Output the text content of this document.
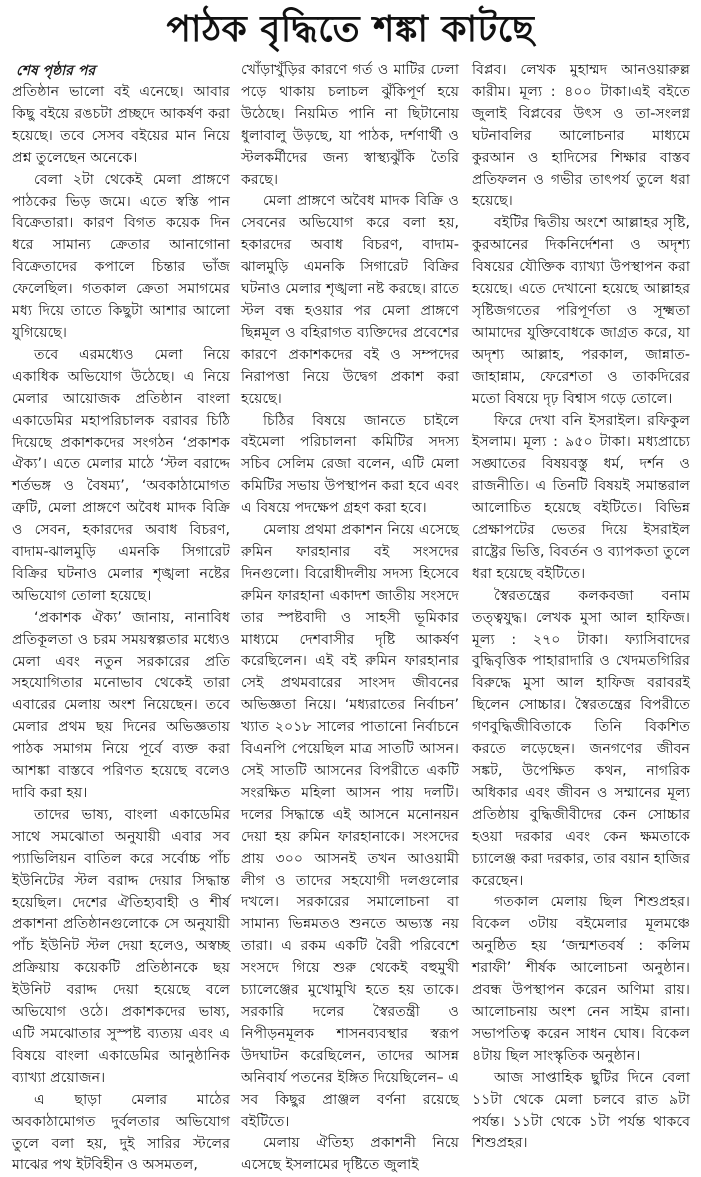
পাঠক বৃদ্ধিতে শঙ্কা কাটছে
শেষ পৃষ্ঠার পর

প্রতিষ্ঠান ভালো বই এনেছে। আবার কিছু বইয়ে রঙচটা প্রচ্ছদে আকর্ষণ করা হয়েছে। তবে সেসব বইয়ের মান নিয়ে প্রশ্ন তুলেছেন অনেকে।

বেলা ২টা থেকেই মেলা প্রাঙ্গণে পাঠকের ভিড় জমে। এতে স্বস্তি পান বিক্রেতারা। কারণ বিগত কয়েক দিন ধরে সামান্য ক্রেতার আনাগোনা বিক্রেতাদের কপালে চিন্তার ভাঁজ ফেলেছিল। গতকাল ক্রেতা সমাগমের মধ্য দিয়ে তাতে কিছুটা আশার আলো যুগিয়েছে।

তবে এরমধ্যেও মেলা নিয়ে একাধিক অভিযোগ উঠেছে। এ নিয়ে মেলার আয়োজক প্রতিষ্ঠান বাংলা একাডেমির মহাপরিচালক বরাবর চিঠি দিয়েছে প্রকাশকদের সংগঠন ‘প্রকাশক ঐক্য’। এতে মেলার মাঠে ‘স্টল বরাদ্দে শর্তভঙ্গ ও বৈষম্য’, ‘অবকাঠামোগত ত্রুটি, মেলা প্রাঙ্গণে অবৈধ মাদক বিক্রি ও সেবন, হকারদের অবাধ বিচরণ, বাদাম-ঝালমুড়ি এমনকি সিগারেট বিক্রির ঘটনাও মেলার শৃঙ্খলা নষ্টের অভিযোগ তোলা হয়েছে।

‘প্রকাশক ঐক্য’ জানায়, নানাবিধ প্রতিকূলতা ও চরম সময়স্বল্পতার মধ্যেও মেলা এবং নতুন সরকারের প্রতি সহযোগিতার মনোভাব থেকেই তারা এবারের মেলায় অংশ নিয়েছেন। তবে মেলার প্রথম ছয় দিনের অভিজ্ঞতায় পাঠক সমাগম নিয়ে পূর্বে ব্যক্ত করা আশঙ্কা বাস্তবে পরিণত হয়েছে বলেও দাবি করা হয়।

তাদের ভাষ্য, বাংলা একাডেমির সাথে সমঝোতা অনুযায়ী এবার সব প্যাভিলিয়ন বাতিল করে সর্বোচ্চ পাঁচ ইউনিটের স্টল বরাদ্দ দেয়ার সিদ্ধান্ত হয়েছিল। দেশের ঐতিহ্যবাহী ও শীর্ষ প্রকাশনা প্রতিষ্ঠানগুলোকে সে অনুযায়ী পাঁচ ইউনিট স্টল দেয়া হলেও, অস্বচ্ছ প্রক্রিয়ায় কয়েকটি প্রতিষ্ঠানকে ছয় ইউনিট বরাদ্দ দেয়া হয়েছে বলে অভিযোগ ওঠে। প্রকাশকদের ভাষ্য, এটি সমঝোতার সুস্পষ্ট ব্যত্যয় এবং এ বিষয়ে বাংলা একাডেমির আনুষ্ঠানিক ব্যাখ্যা প্রয়োজন।

এ ছাড়া মেলার মাঠের অবকাঠামোগত দুর্বলতার অভিযোগ তুলে বলা হয়, দুই সারির স্টলের মাঝের পথ ইটবিহীন ও অসমতল,

খোঁড়াখুঁড়ির কারণে গর্ত ও মাটির ঢেলা পড়ে থাকায় চলাচল ঝুঁকিপূর্ণ হয়ে উঠেছে। নিয়মিত পানি না ছিটানোয় ধুলাবালু উড়ছে, যা পাঠক, দর্শণার্থী ও স্টলকর্মীদের জন্য স্বাস্থ্যঝুঁকি তৈরি করছে।

মেলা প্রাঙ্গণে অবৈধ মাদক বিক্রি ও সেবনের অভিযোগ করে বলা হয়, হকারদের অবাধ বিচরণ, বাদাম-ঝালমুড়ি এমনকি সিগারেট বিক্রির ঘটনাও মেলার শৃঙ্খলা নষ্ট করছে। রাতে স্টল বন্ধ হওয়ার পর মেলা প্রাঙ্গণে ছিন্নমূল ও বহিরাগত ব্যক্তিদের প্রবেশের কারণে প্রকাশকদের বই ও সম্পদের নিরাপত্তা নিয়ে উদ্বেগ প্রকাশ করা হয়েছে।

চিঠির বিষয়ে জানতে চাইলে বইমেলা পরিচালনা কমিটির সদস্য সচিব সেলিম রেজা বলেন, এটি মেলা কমিটির সভায় উপস্থাপন করা হবে এবং এ বিষয়ে পদক্ষেপ গ্রহণ করা হবে।

মেলায় প্রথমা প্রকাশন নিয়ে এসেছে রুমিন ফারহানার বই সংসদের দিনগুলো। বিরোধীদলীয় সদস্য হিসেবে রুমিন ফারহানা একাদশ জাতীয় সংসদে তার স্পষ্টবাদী ও সাহসী ভূমিকার মাধ্যমে দেশবাসীর দৃষ্টি আকর্ষণ করেছিলেন। এই বই রুমিন ফারহানার সেই প্রথমবারের সাংসদ জীবনের অভিজ্ঞতা নিয়ে। ‘মধ্যরাতের নির্বাচন’ খ্যাত ২০১৮ সালের পাতানো নির্বাচনে বিএনপি পেয়েছিল মাত্র সাতটি আসন। সেই সাতটি আসনের বিপরীতে একটি সংরক্ষিত মহিলা আসন পায় দলটি। দলের সিদ্ধান্তে এই আসনে মনোনয়ন দেয়া হয় রুমিন ফারহানাকে। সংসদের প্রায় ৩০০ আসনই তখন আওয়ামী লীগ ও তাদের সহযোগী দলগুলোর দখলে। সরকারের সমালোচনা বা সামান্য ভিন্নমতও শুনতে অভ্যস্ত নয় তারা। এ রকম একটি বৈরী পরিবেশে সংসদে গিয়ে শুরু থেকেই বহুমুখী চ্যালেঞ্জের মুখোমুখি হতে হয় তাকে। সরকারি দলের স্বৈরতন্ত্রী ও নিপীড়নমূলক শাসনব্যবস্থার স্বরূপ উদঘাটন করেছিলেন, তাদের আসন্ন অনিবার্য পতনের ইঙ্গিত দিয়েছিলেন– এ সব কিছুর প্রাঞ্জল বর্ণনা রয়েছে বইটিতে।

মেলায় ঐতিহ্য প্রকাশনী নিয়ে এসেছে ইসলামের দৃষ্টিতে জুলাই

বিপ্লব। লেখক মুহাম্মদ আনওয়ারুল্ল কারীম। মূল্য : ৪০০ টাকা।এই বইতে জুলাই বিপ্লবের উৎস ও তা-সংলগ্ন ঘটনাবলির আলোচনার মাধ্যমে কুরআন ও হাদিসের শিক্ষার বাস্তব প্রতিফলন ও গভীর তাৎপর্য তুলে ধরা হয়েছে।

বইটির দ্বিতীয় অংশে আল্লাহর সৃষ্টি, কুরআনের দিকনির্দেশনা ও অদৃশ্য বিষয়ের যৌক্তিক ব্যাখ্যা উপস্থাপন করা হয়েছে। এতে দেখানো হয়েছে আল্লাহর সৃষ্টিজগতের পরিপূর্ণতা ও সূক্ষ্মতা আমাদের যুক্তিবোধকে জাগ্রত করে, যা অদৃশ্য আল্লাহ, পরকাল, জান্নাত-জাহান্নাম, ফেরেশতা ও তাকদিরের মতো বিষয়ে দৃঢ় বিশ্বাস গড়ে তোলে।

ফিরে দেখা বনি ইসরাইল। রফিকুল ইসলাম। মূল্য : ৯৫০ টাকা। মধ্যপ্রাচ্যে সঙ্ঘাতের বিষয়বস্তু ধর্ম, দর্শন ও রাজনীতি। এ তিনটি বিষয়ই সমান্তরাল আলোচিত হয়েছে বইটিতে। বিভিন্ন প্রেক্ষাপটের ভেতর দিয়ে ইসরাইল রাষ্ট্রের ভিত্তি, বিবর্তন ও ব্যাপকতা তুলে ধরা হয়েছে বইটিতে।

স্বৈরতন্ত্রের কলকবজা বনাম তত্ত্বযুদ্ধ। লেখক মুসা আল হাফিজ। মূল্য : ২৭০ টাকা। ফ্যাসিবাদের বুদ্ধিবৃত্তিক পাহারাদারি ও খেদমতগিরির বিরুদ্ধে মুসা আল হাফিজ বরাবরই ছিলেন সোচ্চার। স্বৈরতন্ত্রের বিপরীতে গণবুদ্ধিজীবিতাকে তিনি বিকশিত করতে লড়েছেন। জনগণের জীবন সঙ্কট, উপেক্ষিত কথন, নাগরিক অধিকার এবং জীবন ও সম্মানের মূল্য প্রতিষ্ঠায় বুদ্ধিজীবীদের কেন সোচ্চার হওয়া দরকার এবং কেন ক্ষমতাকে চ্যালেঞ্জ করা দরকার, তার বয়ান হাজির করেছেন।

গতকাল মেলায় ছিল শিশুপ্রহর। বিকেল ৩টায় বইমেলার মূলমঞ্চে অনুষ্ঠিত হয় ‘জন্মশতবর্ষ : কলিম শরাফী’ শীর্ষক আলোচনা অনুষ্ঠান। প্রবন্ধ উপস্থাপন করেন অণিমা রায়। আলোচনায় অংশ নেন সাইম রানা। সভাপতিত্ব করেন সাধন ঘোষ। বিকেল ৪টায় ছিল সাংস্কৃতিক অনুষ্ঠান।

আজ সাপ্তাহিক ছুটির দিনে বেলা ১১টা থেকে মেলা চলবে রাত ৯টা পর্যন্ত। ১১টা থেকে ১টা পর্যন্ত থাকবে শিশুপ্রহর।
